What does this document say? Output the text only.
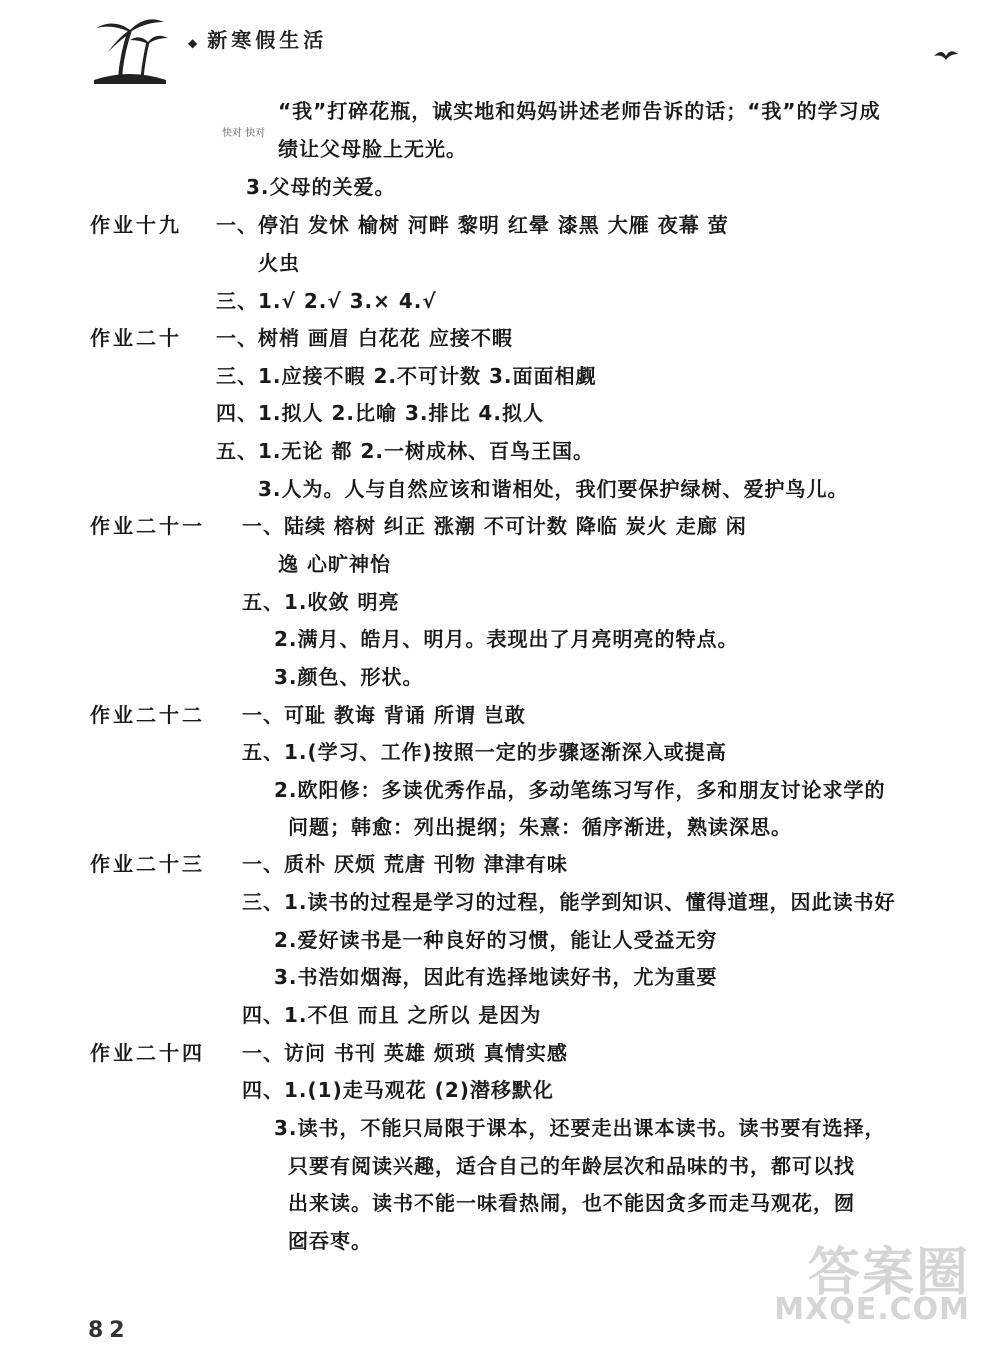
◆ 新寒假生活
作业十九
作业二十
作业二十一
作业二十二
作业二十三
作业二十四
快对 快对
“我”打碎花瓶，诚实地和妈妈讲述老师告诉的话；“我”的学习成
绩让父母脸上无光。
3.父母的关爱。
一、停泊 发怵 榆树 河畔 黎明 红晕 漆黑 大雁 夜幕 萤
火虫
三、1.√ 2.√ 3.× 4.√
一、树梢 画眉 白花花 应接不暇
三、1.应接不暇 2.不可计数 3.面面相觑
四、1.拟人 2.比喻 3.排比 4.拟人
五、1.无论 都 2.一树成林、百鸟王国。
3.人为。人与自然应该和谐相处，我们要保护绿树、爱护鸟儿。
一、陆续 榕树 纠正 涨潮 不可计数 降临 炭火 走廊 闲
逸 心旷神怡
五、1.收敛 明亮
2.满月、皓月、明月。表现出了月亮明亮的特点。
3.颜色、形状。
一、可耻 教诲 背诵 所谓 岂敢
五、1.(学习、工作)按照一定的步骤逐渐深入或提高
2.欧阳修：多读优秀作品，多动笔练习写作，多和朋友讨论求学的
问题；韩愈：列出提纲；朱熹：循序渐进，熟读深思。
一、质朴 厌烦 荒唐 刊物 津津有味
三、1.读书的过程是学习的过程，能学到知识、懂得道理，因此读书好
2.爱好读书是一种良好的习惯，能让人受益无穷
3.书浩如烟海，因此有选择地读好书，尤为重要
四、1.不但 而且 之所以 是因为
一、访问 书刊 英雄 烦琐 真情实感
四、1.(1)走马观花 (2)潜移默化
3.读书，不能只局限于课本，还要走出课本读书。读书要有选择，
只要有阅读兴趣，适合自己的年龄层次和品味的书，都可以找
出来读。读书不能一味看热闹，也不能因贪多而走马观花，囫
囵吞枣。
82
答案圈
MXQE.COM
